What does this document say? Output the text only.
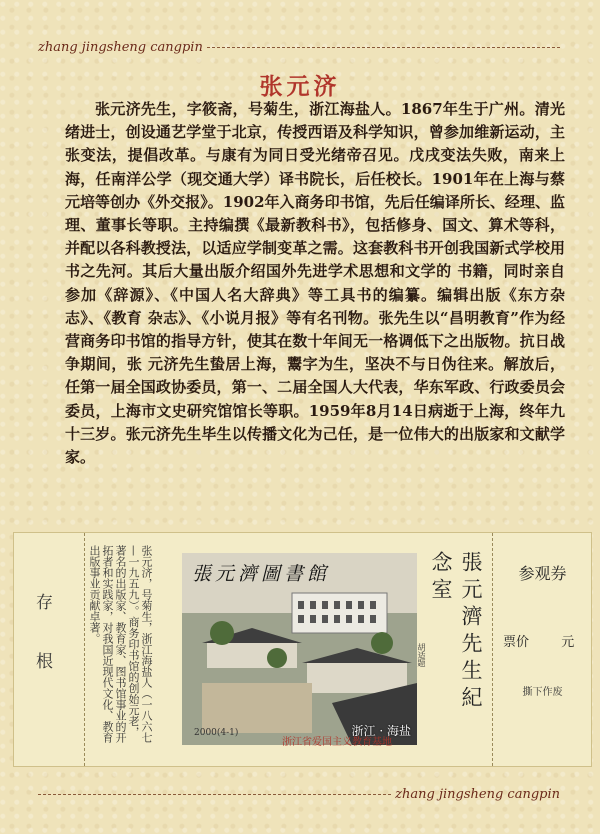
zhang jingsheng cangpin
张元济
张元济先生，字筱斋，号菊生，浙江海盐人。1867年生于广州。清光绪进士，创设通艺学堂于北京，传授西语及科学知识，曾参加维新运动，主张变法，提倡改革。与康有为同日受光绪帝召见。戊戌变法失败，南来上海，任南洋公学（现交通大学）译书院长，后任校长。1901年在上海与蔡元培等创办《外交报》。1902年入商务印书馆，先后任编译所长、经理、监理、董事长等职。主持编撰《最新教科书》，包括修身、国文、算术等科，并配以各科教授法，以适应学制变革之需。这套教科书开创我国新式学校用书之先河。其后大量出版介绍国外先进学术思想和文学的 书籍，同时亲自参加《辞源》、《中国人名大辞典》等工具书的编纂。编辑出版《东方杂志》、《教育 杂志》、《小说月报》等有名刊物。张先生以“昌明教育”作为经营商务印书馆的指导方针，使其在数十年间无一格调低下之出版物。抗日战争期间，张 元济先生蛰居上海，鬻字为生，坚决不与日伪往来。解放后，任第一届全国政协委员，第一、二届全国人大代表，华东军政、行政委员会委员，上海市文史研究馆馆长等职。1959年8月14日病逝于上海，终年九十三岁。张元济先生毕生以传播文化为己任，是一位伟大的出版家和文献学家。
存根	张元济，号菊生，浙江海盐人（一八六七—一九五九）。商务印书馆的创始元老，著名的出版家、教育家、图书馆事业的开拓者和实践家，对我国近现代文化、教育出版事业贡献卓著。	張元濟圖書館
浙江 · 海盐
2000(4-1)
浙江省爱国主义教育基地
張元濟先生紀念室
胡适题
参观券
票价 元
撕下作废
zhang jingsheng cangpin
